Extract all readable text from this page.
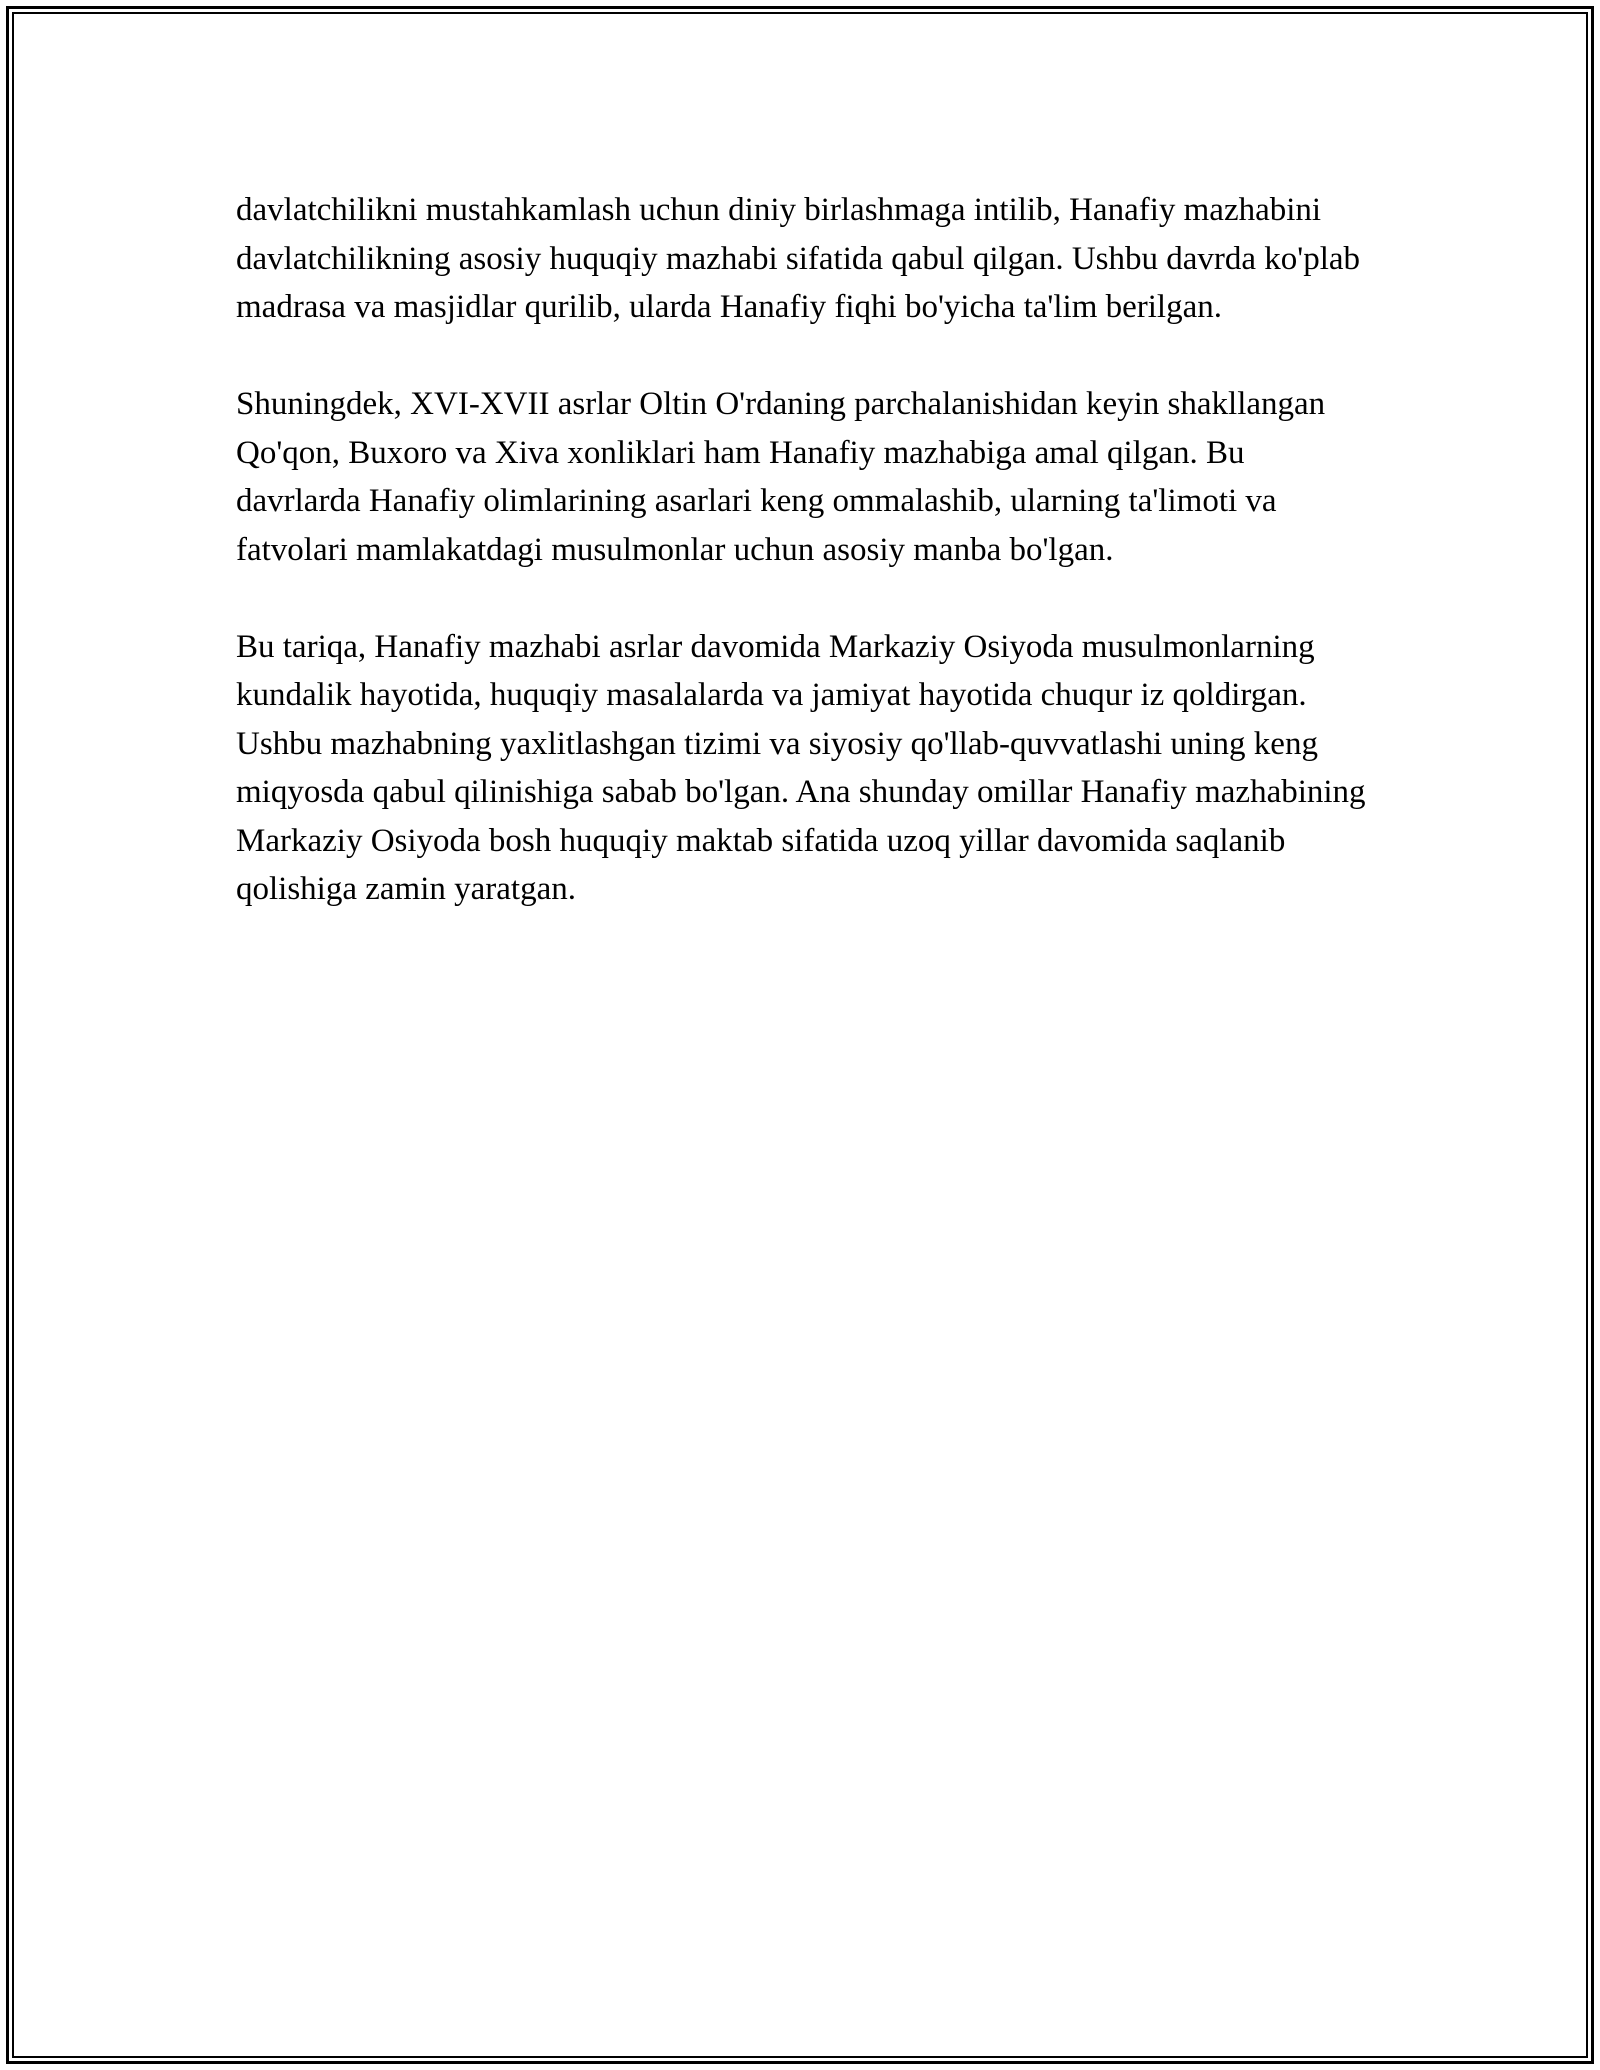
davlatchilikni mustahkamlash uchun diniy birlashmaga intilib, Hanafiy mazhabini davlatchilikning asosiy huquqiy mazhabi sifatida qabul qilgan. Ushbu davrda ko'plab madrasa va masjidlar qurilib, ularda Hanafiy fiqhi bo'yicha ta'lim berilgan.

Shuningdek, XVI-XVII asrlar Oltin O'rdaning parchalanishidan keyin shakllangan Qo'qon, Buxoro va Xiva xonliklari ham Hanafiy mazhabiga amal qilgan. Bu davrlarda Hanafiy olimlarining asarlari keng ommalashib, ularning ta'limoti va fatvolari mamlakatdagi musulmonlar uchun asosiy manba bo'lgan.

Bu tariqa, Hanafiy mazhabi asrlar davomida Markaziy Osiyoda musulmonlarning kundalik hayotida, huquqiy masalalarda va jamiyat hayotida chuqur iz qoldirgan. Ushbu mazhabning yaxlitlashgan tizimi va siyosiy qo'llab-quvvatlashi uning keng miqyosda qabul qilinishiga sabab bo'lgan. Ana shunday omillar Hanafiy mazhabining Markaziy Osiyoda bosh huquqiy maktab sifatida uzoq yillar davomida saqlanib qolishiga zamin yaratgan.
